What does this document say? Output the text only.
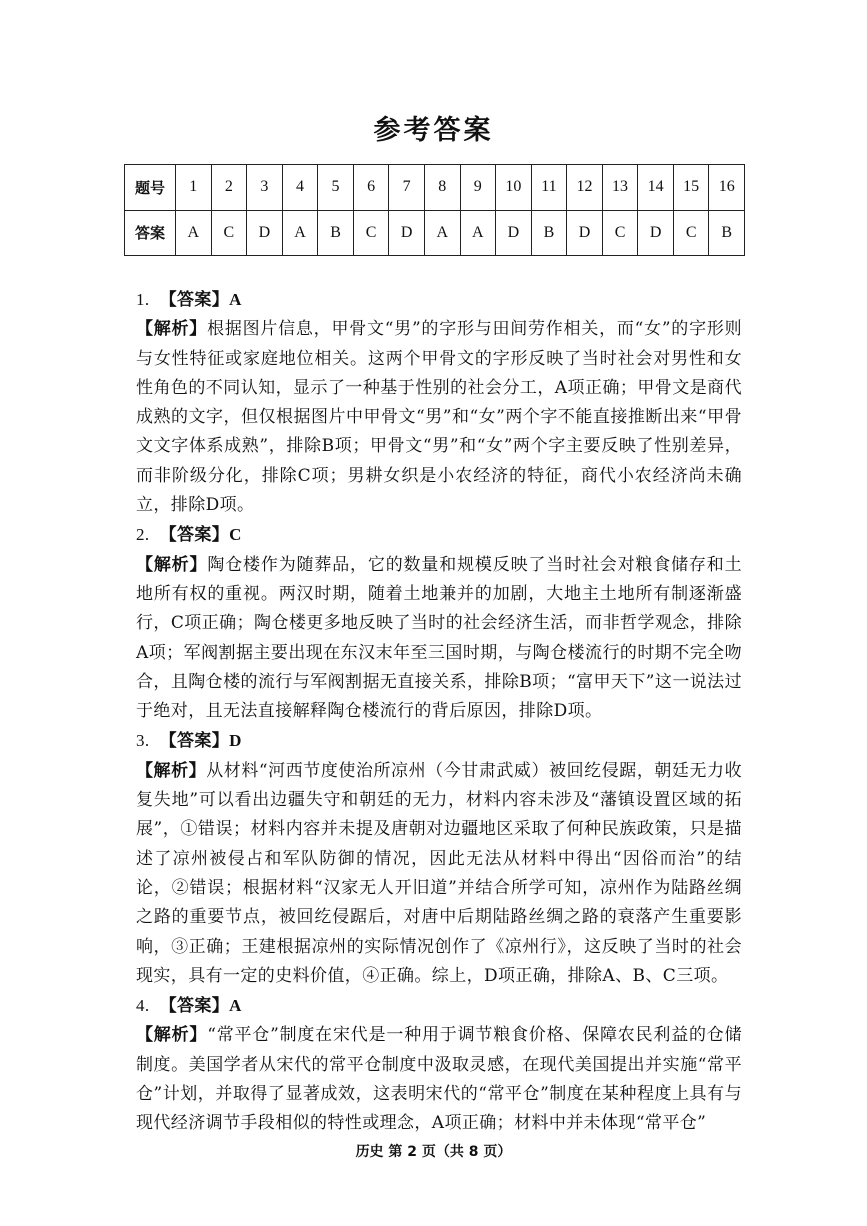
参考答案
题号	1	2	3	4	5	6	7	8	9	10	11	12	13	14	15	16
答案	A	C	D	A	B	C	D	A	A	D	B	D	C	D	C	B
1. 【答案】A
【解析】根据图片信息，甲骨文“男”的字形与田间劳作相关，而“女”的字形则与女性特征或家庭地位相关。这两个甲骨文的字形反映了当时社会对男性和女性角色的不同认知，显示了一种基于性别的社会分工，A项正确；甲骨文是商代成熟的文字，但仅根据图片中甲骨文“男”和“女”两个字不能直接推断出来“甲骨文文字体系成熟”，排除B项；甲骨文“男”和“女”两个字主要反映了性别差异，而非阶级分化，排除C项；男耕女织是小农经济的特征，商代小农经济尚未确立，排除D项。
2. 【答案】C
【解析】陶仓楼作为随葬品，它的数量和规模反映了当时社会对粮食储存和土地所有权的重视。两汉时期，随着土地兼并的加剧，大地主土地所有制逐渐盛行，C项正确；陶仓楼更多地反映了当时的社会经济生活，而非哲学观念，排除A项；军阀割据主要出现在东汉末年至三国时期，与陶仓楼流行的时期不完全吻合，且陶仓楼的流行与军阀割据无直接关系，排除B项；“富甲天下”这一说法过于绝对，且无法直接解释陶仓楼流行的背后原因，排除D项。
3. 【答案】D
【解析】从材料“河西节度使治所凉州（今甘肃武威）被回纥侵踞，朝廷无力收复失地”可以看出边疆失守和朝廷的无力，材料内容未涉及“藩镇设置区域的拓展”，①错误；材料内容并未提及唐朝对边疆地区采取了何种民族政策，只是描述了凉州被侵占和军队防御的情况，因此无法从材料中得出“因俗而治”的结论，②错误；根据材料“汉家无人开旧道”并结合所学可知，凉州作为陆路丝绸之路的重要节点，被回纥侵踞后，对唐中后期陆路丝绸之路的衰落产生重要影响，③正确；王建根据凉州的实际情况创作了《凉州行》，这反映了当时的社会现实，具有一定的史料价值，④正确。综上，D项正确，排除A、B、C三项。
4. 【答案】A
【解析】“常平仓”制度在宋代是一种用于调节粮食价格、保障农民利益的仓储制度。美国学者从宋代的常平仓制度中汲取灵感，在现代美国提出并实施“常平仓”计划，并取得了显著成效，这表明宋代的“常平仓”制度在某种程度上具有与现代经济调节手段相似的特性或理念，A项正确；材料中并未体现“常平仓”
历史 第 2 页（共 8 页）
